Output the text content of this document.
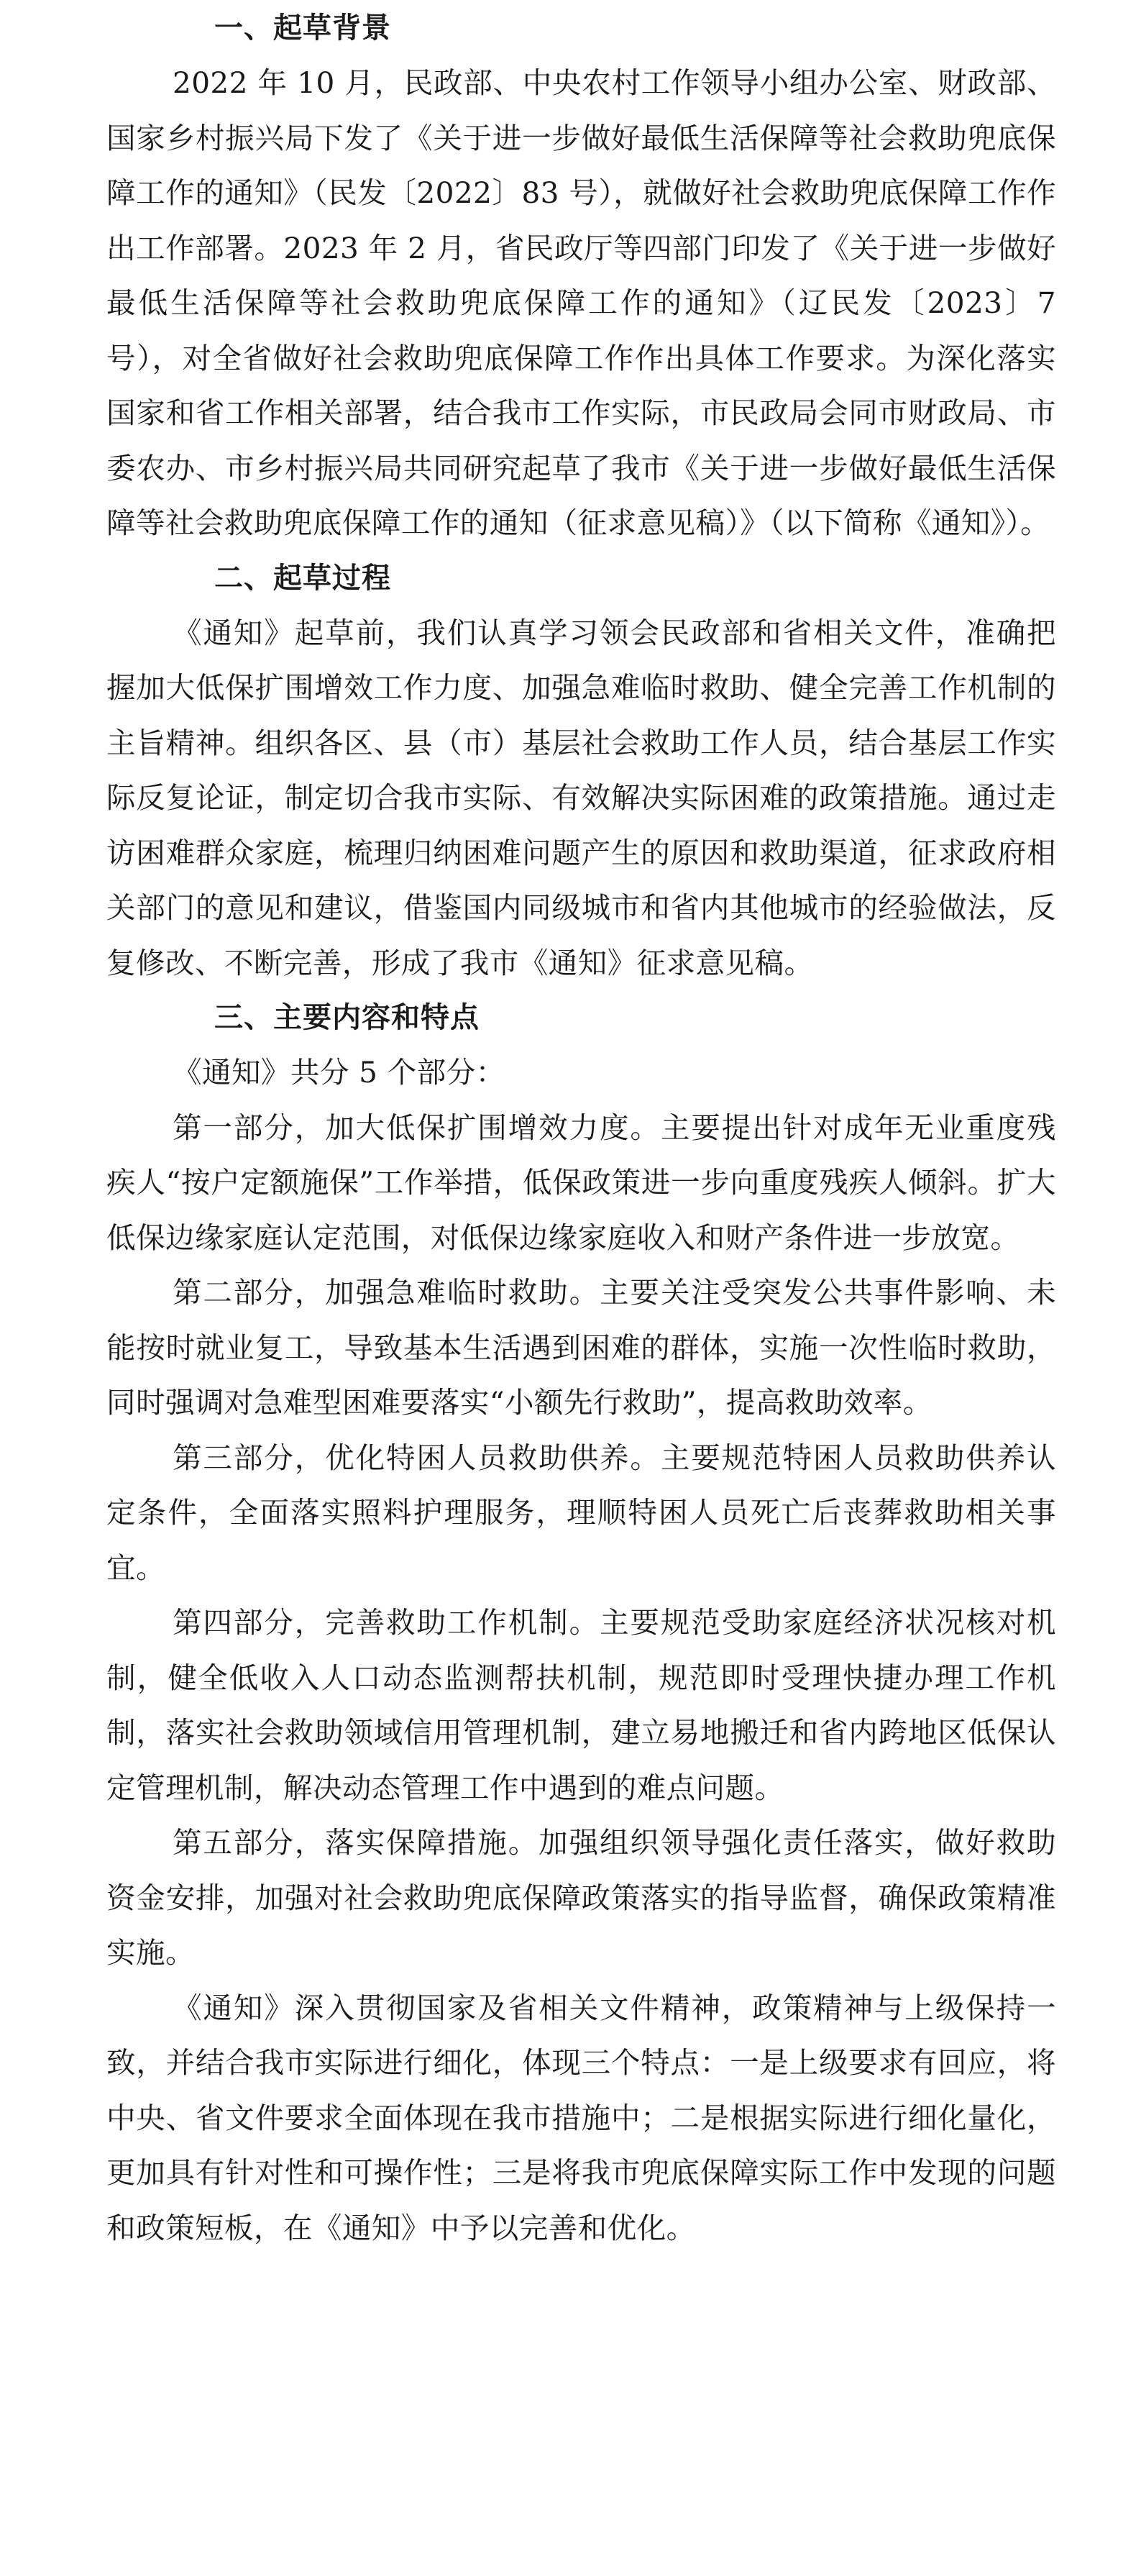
一、起草背景

2022 年 10 月，民政部、中央农村工作领导小组办公室、财政部、国家乡村振兴局下发了《关于进一步做好最低生活保障等社会救助兜底保障工作的通知》（民发〔2022〕83 号），就做好社会救助兜底保障工作作出工作部署。2023 年 2 月，省民政厅等四部门印发了《关于进一步做好最低生活保障等社会救助兜底保障工作的通知》（辽民发〔2023〕7 号），对全省做好社会救助兜底保障工作作出具体工作要求。为深化落实国家和省工作相关部署，结合我市工作实际，市民政局会同市财政局、市委农办、市乡村振兴局共同研究起草了我市《关于进一步做好最低生活保障等社会救助兜底保障工作的通知（征求意见稿）》（以下简称《通知》）。

二、起草过程

《通知》起草前，我们认真学习领会民政部和省相关文件，准确把握加大低保扩围增效工作力度、加强急难临时救助、健全完善工作机制的主旨精神。组织各区、县（市）基层社会救助工作人员，结合基层工作实际反复论证，制定切合我市实际、有效解决实际困难的政策措施。通过走访困难群众家庭，梳理归纳困难问题产生的原因和救助渠道，征求政府相关部门的意见和建议，借鉴国内同级城市和省内其他城市的经验做法，反复修改、不断完善，形成了我市《通知》征求意见稿。

三、主要内容和特点

《通知》共分 5 个部分：

第一部分，加大低保扩围增效力度。主要提出针对成年无业重度残疾人“按户定额施保”工作举措，低保政策进一步向重度残疾人倾斜。扩大低保边缘家庭认定范围，对低保边缘家庭收入和财产条件进一步放宽。

第二部分，加强急难临时救助。主要关注受突发公共事件影响、未能按时就业复工，导致基本生活遇到困难的群体，实施一次性临时救助，同时强调对急难型困难要落实“小额先行救助”，提高救助效率。

第三部分，优化特困人员救助供养。主要规范特困人员救助供养认定条件，全面落实照料护理服务，理顺特困人员死亡后丧葬救助相关事宜。

第四部分，完善救助工作机制。主要规范受助家庭经济状况核对机制，健全低收入人口动态监测帮扶机制，规范即时受理快捷办理工作机制，落实社会救助领域信用管理机制，建立易地搬迁和省内跨地区低保认定管理机制，解决动态管理工作中遇到的难点问题。

第五部分，落实保障措施。加强组织领导强化责任落实，做好救助资金安排，加强对社会救助兜底保障政策落实的指导监督，确保政策精准实施。

《通知》深入贯彻国家及省相关文件精神，政策精神与上级保持一致，并结合我市实际进行细化，体现三个特点：一是上级要求有回应，将中央、省文件要求全面体现在我市措施中；二是根据实际进行细化量化，更加具有针对性和可操作性；三是将我市兜底保障实际工作中发现的问题和政策短板，在《通知》中予以完善和优化。
